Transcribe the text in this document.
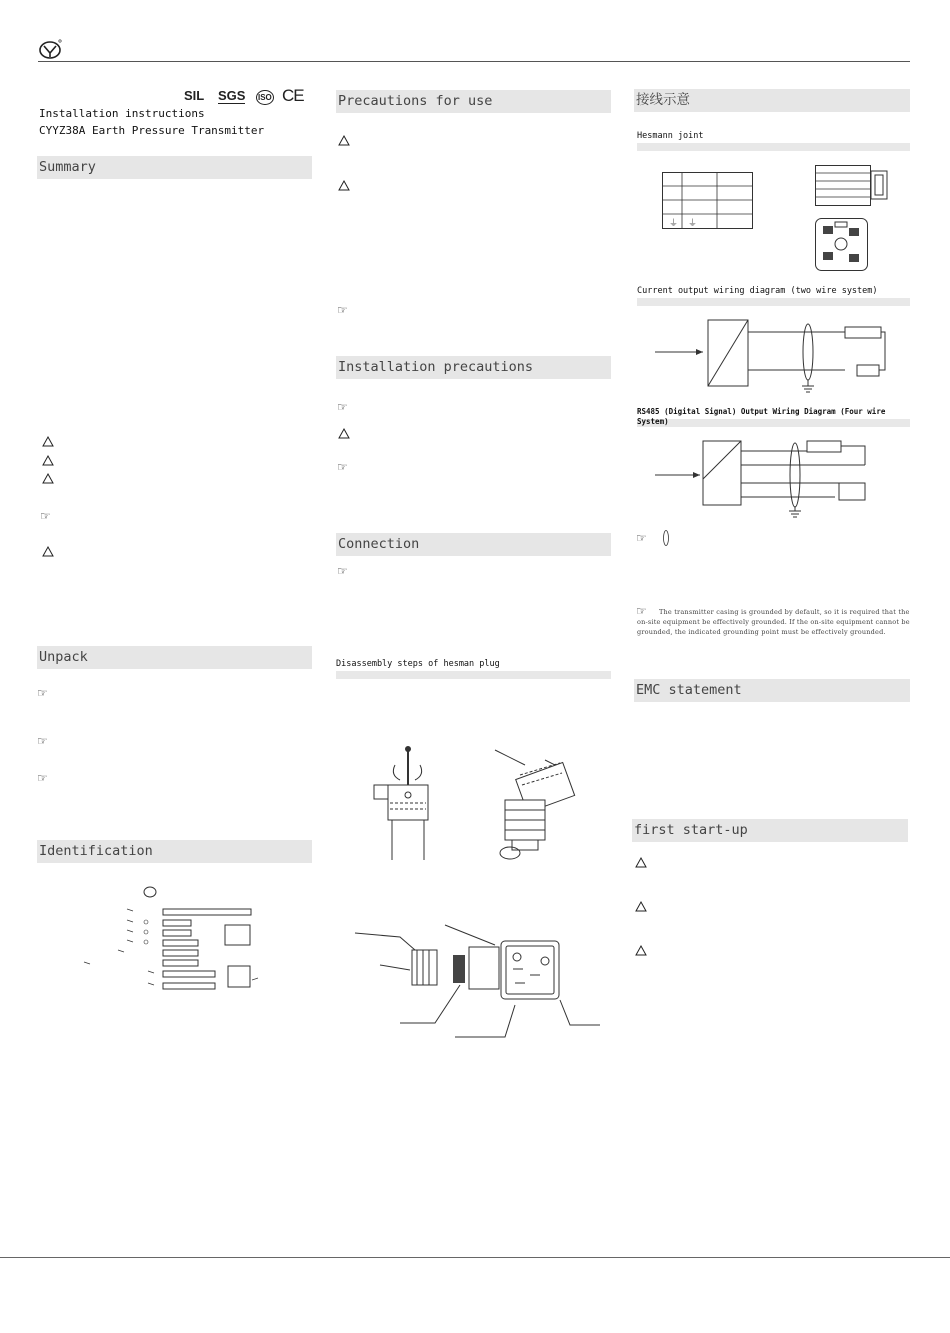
SIL SGS ISO CE
Installation instructions
CYYZ38A Earth Pressure Transmitter
Summary
☞
Unpack
☞
☞
☞
Identification
Precautions for use
☞
Installation precautions
☞
☞
Connection
☞
Disassembly steps of hesman plug
接线示意
Hesmann joint
⏚ ⏚
Current output wiring diagram (two wire system)
RS485 (Digital Signal) Output Wiring Diagram (Four wire System)
☞
☞	The transmitter casing is grounded by default, so it is required that the on-site equipment be effectively grounded. If the on-site equipment cannot be grounded, the indicated grounding point must be effectively grounded.
EMC statement
first start-up
